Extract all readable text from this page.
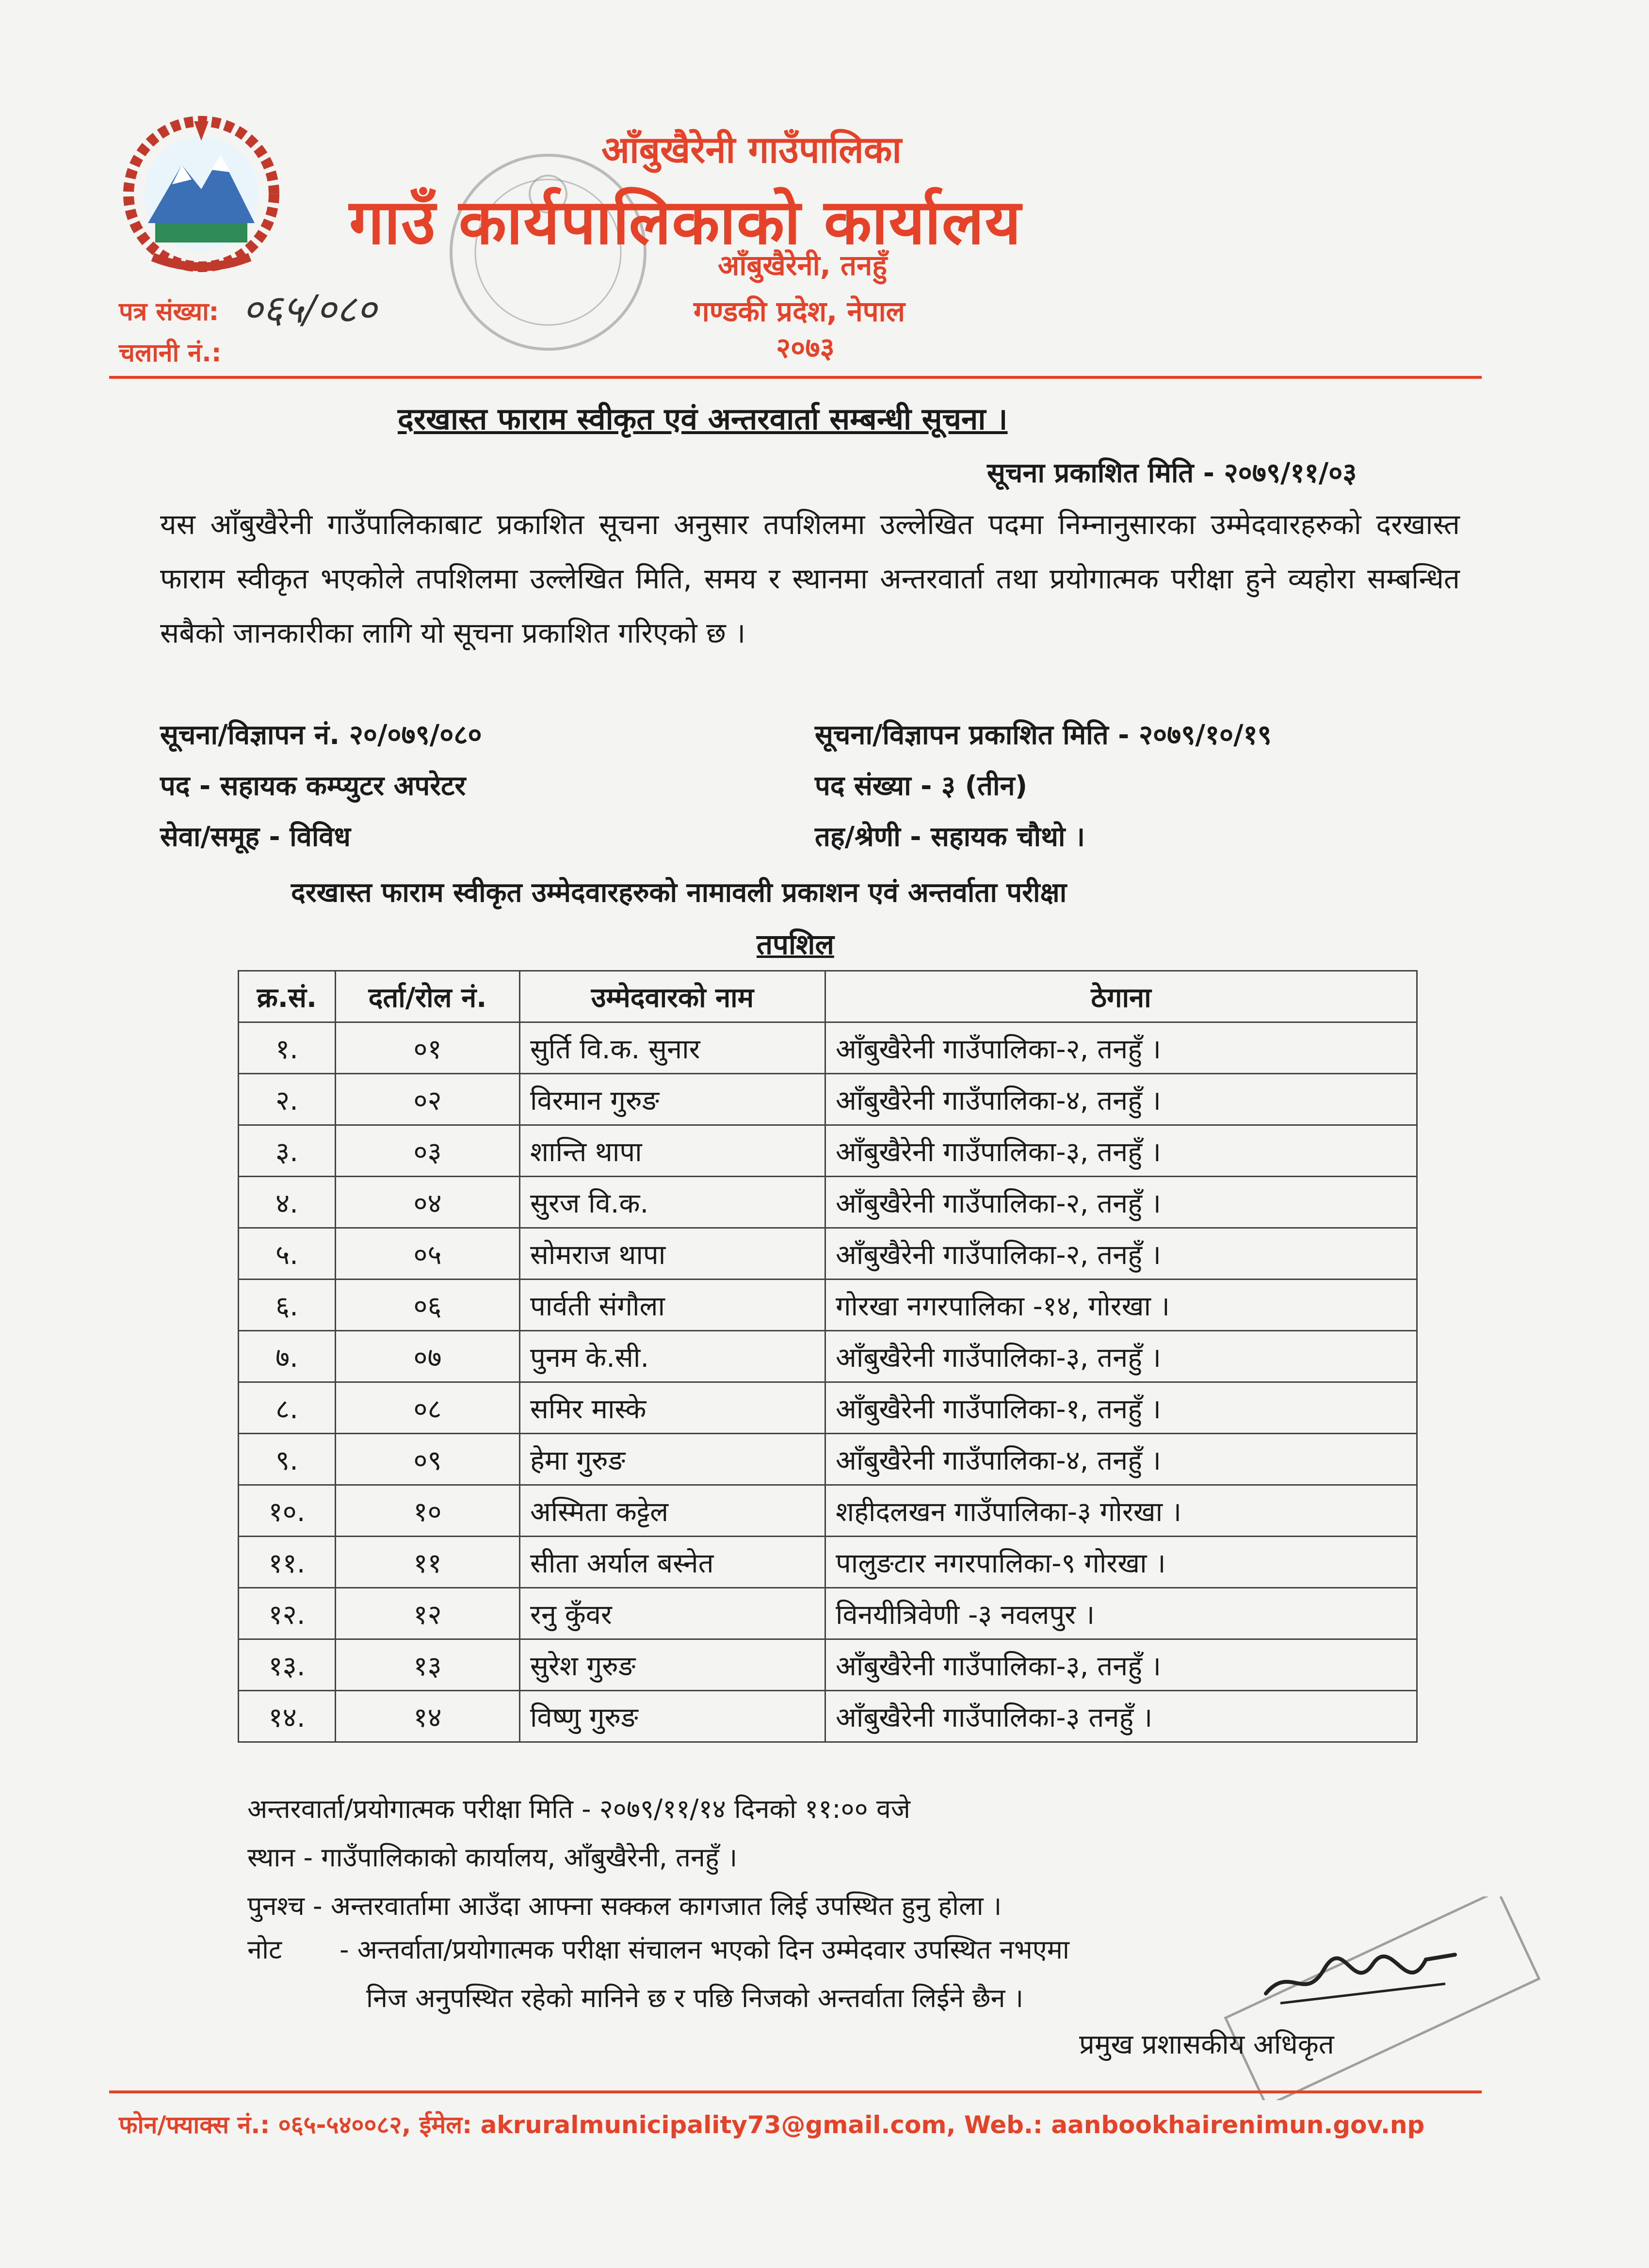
आँबुखैरेनी गाउँपालिका
गाउँ कार्यपालिकाको कार्यालय
आँबुखैरेनी, तनहुँ
गण्डकी प्रदेश, नेपाल
२०७३
पत्र संख्या: ०६५/०८०
चलानी नं.:
दरखास्त फाराम स्वीकृत एवं अन्तरवार्ता सम्बन्धी सूचना ।
सूचना प्रकाशित मिति - २०७९/११/०३
यस आँबुखैरेनी गाउँपालिकाबाट प्रकाशित सूचना अनुसार तपशिलमा उल्लेखित पदमा निम्नानुसारका उम्मेदवारहरुको दरखास्त फाराम स्वीकृत भएकोले तपशिलमा उल्लेखित मिति, समय र स्थानमा अन्तरवार्ता तथा प्रयोगात्मक परीक्षा हुने व्यहोरा सम्बन्धित सबैको जानकारीका लागि यो सूचना प्रकाशित गरिएको छ ।
सूचना/विज्ञापन नं. २०/०७९/०८०	सूचना/विज्ञापन प्रकाशित मिति - २०७९/१०/१९
पद - सहायक कम्प्युटर अपरेटर	पद संख्या - ३ (तीन)
सेवा/समूह - विविध	तह/श्रेणी - सहायक चौथो ।
दरखास्त फाराम स्वीकृत उम्मेदवारहरुको नामावली प्रकाशन एवं अन्तर्वाता परीक्षा
तपशिल
क्र.सं.	दर्ता/रोल नं.	उम्मेदवारको नाम	ठेगाना
१.	०१	सुर्ति वि.क. सुनार	आँबुखैरेनी गाउँपालिका-२, तनहुँ ।
२.	०२	विरमान गुरुङ	आँबुखैरेनी गाउँपालिका-४, तनहुँ ।
३.	०३	शान्ति थापा	आँबुखैरेनी गाउँपालिका-३, तनहुँ ।
४.	०४	सुरज वि.क.	आँबुखैरेनी गाउँपालिका-२, तनहुँ ।
५.	०५	सोमराज थापा	आँबुखैरेनी गाउँपालिका-२, तनहुँ ।
६.	०६	पार्वती संगौला	गोरखा नगरपालिका -१४, गोरखा ।
७.	०७	पुनम के.सी.	आँबुखैरेनी गाउँपालिका-३, तनहुँ ।
८.	०८	समिर मास्के	आँबुखैरेनी गाउँपालिका-१, तनहुँ ।
९.	०९	हेमा गुरुङ	आँबुखैरेनी गाउँपालिका-४, तनहुँ ।
१०.	१०	अस्मिता कट्टेल	शहीदलखन गाउँपालिका-३ गोरखा ।
११.	११	सीता अर्याल बस्नेत	पालुङटार नगरपालिका-९ गोरखा ।
१२.	१२	रनु कुँवर	विनयीत्रिवेणी -३ नवलपुर ।
१३.	१३	सुरेश गुरुङ	आँबुखैरेनी गाउँपालिका-३, तनहुँ ।
१४.	१४	विष्णु गुरुङ	आँबुखैरेनी गाउँपालिका-३ तनहुँ ।
अन्तरवार्ता/प्रयोगात्मक परीक्षा मिति - २०७९/११/१४ दिनको ११:०० वजे
स्थान - गाउँपालिकाको कार्यालय, आँबुखैरेनी, तनहुँ ।
पुनश्च - अन्तरवार्तामा आउँदा आफ्ना सक्कल कागजात लिई उपस्थित हुनु होला ।
नोट - अन्तर्वाता/प्रयोगात्मक परीक्षा संचालन भएको दिन उम्मेदवार उपस्थित नभएमा
निज अनुपस्थित रहेको मानिने छ र पछि निजको अन्तर्वाता लिईने छैन ।
प्रमुख प्रशासकीय अधिकृत
फोन/फ्याक्स नं.: ०६५-५४००८२, ईमेल: akruralmunicipality73@gmail.com, Web.: aanbookhairenimun.gov.np
